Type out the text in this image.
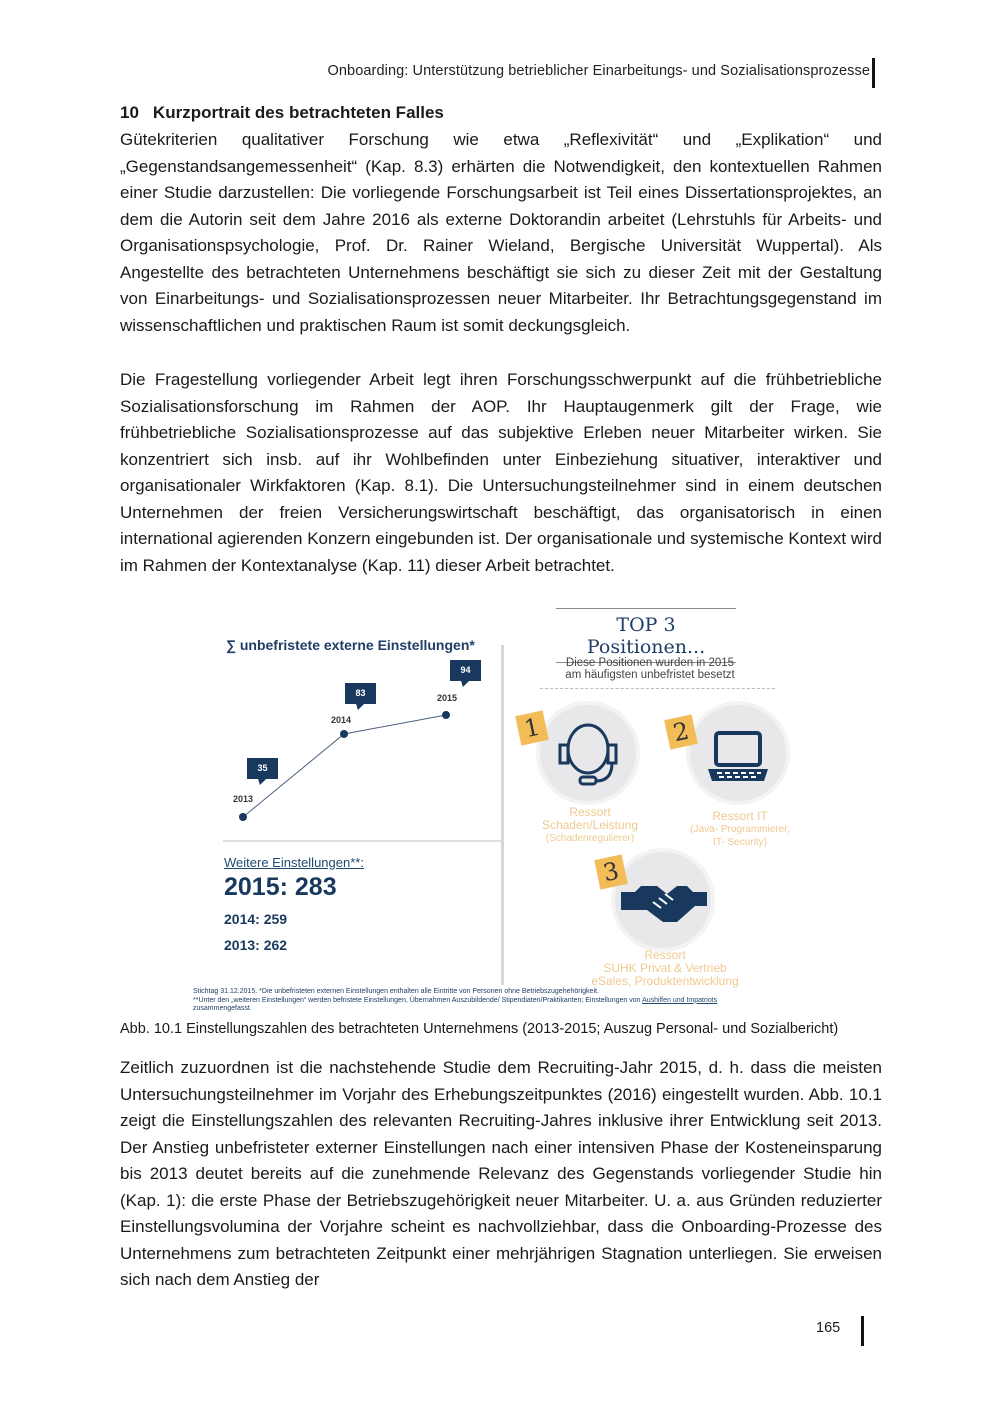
Onboarding: Unterstützung betrieblicher Einarbeitungs- und Sozialisationsprozesse
10 Kurzportrait des betrachteten Falles

Gütekriterien qualitativer Forschung wie etwa „Reflexivität“ und „Explikation“ und „Gegenstandsangemessenheit“ (Kap. 8.3) erhärten die Notwendigkeit, den kontextuellen Rahmen einer Studie darzustellen: Die vorliegende Forschungsarbeit ist Teil eines Dissertationsprojektes, an dem die Autorin seit dem Jahre 2016 als externe Doktorandin arbeitet (Lehrstuhls für Arbeits- und Organisationspsychologie, Prof. Dr. Rainer Wieland, Bergische Universität Wuppertal). Als Angestellte des betrachteten Unternehmens beschäftigt sie sich zu dieser Zeit mit der Gestaltung von Einarbeitungs- und Sozialisationsprozessen neuer Mitarbeiter. Ihr Betrachtungsgegenstand im wissenschaftlichen und praktischen Raum ist somit deckungsgleich.

Die Fragestellung vorliegender Arbeit legt ihren Forschungsschwerpunkt auf die frühbetriebliche Sozialisationsforschung im Rahmen der AOP. Ihr Hauptaugenmerk gilt der Frage, wie frühbetriebliche Sozialisationsprozesse auf das subjektive Erleben neuer Mitarbeiter wirken. Sie konzentriert sich insb. auf ihr Wohlbefinden unter Einbeziehung situativer, interaktiver und organisationaler Wirkfaktoren (Kap. 8.1). Die Untersuchungsteilnehmer sind in einem deutschen Unternehmen der freien Versicherungswirtschaft beschäftigt, das organisatorisch in einen international agierenden Konzern eingebunden ist. Der organisationale und systemische Kontext wird im Rahmen der Kontextanalyse (Kap. 11) dieser Arbeit betrachtet.

∑ unbefristete externe Einstellungen*
35
2013
83
2014
94
2015
Weitere Einstellungen**:
2015: 283
2014: 259
2013: 262
TOP 3 Positionen...
Diese Positionen wurden in 2015
am häufigsten unbefristet besetzt
1
Ressort
Schaden/Leistung
(Schadenregulierer)
2
Ressort IT
(Java- Programmierer,
IT- Security)
3
Ressort
SUHK Privat & Vertrieb
eSales, Produktentwicklung
Stichtag 31.12.2015. *Die unbefristeten externen Einstellungen enthalten alle Eintritte von Personen ohne Betriebszugehehörigkeit.
**Unter den „weiteren Einstellungen“ werden befristete Einstellungen, Übernahmen Auszubildende/ Stipendiaten/Praktikanten; Einstellungen von Aushilfen und Impatriots
zusammengefasst.
Abb. 10.1 Einstellungszahlen des betrachteten Unternehmens (2013-2015; Auszug Personal- und Sozialbericht)

Zeitlich zuzuordnen ist die nachstehende Studie dem Recruiting-Jahr 2015, d. h. dass die meisten Untersuchungsteilnehmer im Vorjahr des Erhebungszeitpunktes (2016) eingestellt wurden. Abb. 10.1 zeigt die Einstellungszahlen des relevanten Recruiting-Jahres inklusive ihrer Entwicklung seit 2013. Der Anstieg unbefristeter externer Einstellungen nach einer intensiven Phase der Kosteneinsparung bis 2013 deutet bereits auf die zunehmende Relevanz des Gegenstands vorliegender Studie hin (Kap. 1): die erste Phase der Betriebszugehörigkeit neuer Mitarbeiter. U. a. aus Gründen reduzierter Einstellungsvolumina der Vorjahre scheint es nachvollziehbar, dass die Onboarding-Prozesse des Unternehmens zum betrachteten Zeitpunkt einer mehrjährigen Stagnation unterliegen. Sie erweisen sich nach dem Anstieg der

165
